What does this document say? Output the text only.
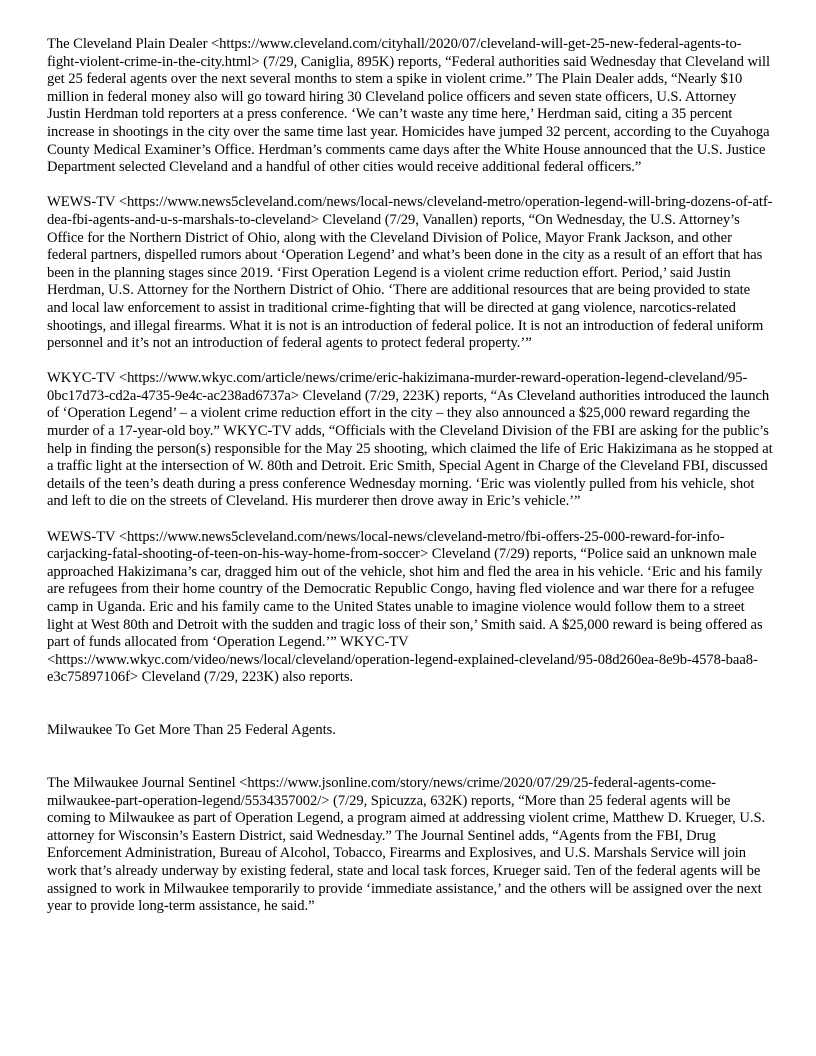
The Cleveland Plain Dealer <https://www.cleveland.com/cityhall/2020/07/cleveland-will-get-25-new-federal-agents-to-fight-violent-crime-in-the-city.html> (7/29, Caniglia, 895K) reports, “Federal authorities said Wednesday that Cleveland will get 25 federal agents over the next several months to stem a spike in violent crime.” The Plain Dealer adds, “Nearly $10 million in federal money also will go toward hiring 30 Cleveland police officers and seven state officers, U.S. Attorney Justin Herdman told reporters at a press conference. ‘We can’t waste any time here,’ Herdman said, citing a 35 percent increase in shootings in the city over the same time last year. Homicides have jumped 32 percent, according to the Cuyahoga County Medical Examiner’s Office. Herdman’s comments came days after the White House announced that the U.S. Justice Department selected Cleveland and a handful of other cities would receive additional federal officers.”

WEWS-TV <https://www.news5cleveland.com/news/local-news/cleveland-metro/operation-legend-will-bring-dozens-of-atf-dea-fbi-agents-and-u-s-marshals-to-cleveland> Cleveland (7/29, Vanallen) reports, “On Wednesday, the U.S. Attorney’s Office for the Northern District of Ohio, along with the Cleveland Division of Police, Mayor Frank Jackson, and other federal partners, dispelled rumors about ‘Operation Legend’ and what’s been done in the city as a result of an effort that has been in the planning stages since 2019. ‘First Operation Legend is a violent crime reduction effort. Period,’ said Justin Herdman, U.S. Attorney for the Northern District of Ohio. ‘There are additional resources that are being provided to state and local law enforcement to assist in traditional crime-fighting that will be directed at gang violence, narcotics-related shootings, and illegal firearms. What it is not is an introduction of federal police. It is not an introduction of federal uniform personnel and it’s not an introduction of federal agents to protect federal property.’”

WKYC-TV <https://www.wkyc.com/article/news/crime/eric-hakizimana-murder-reward-operation-legend-cleveland/95-0bc17d73-cd2a-4735-9e4c-ac238ad6737a> Cleveland (7/29, 223K) reports, “As Cleveland authorities introduced the launch of ‘Operation Legend’ – a violent crime reduction effort in the city – they also announced a $25,000 reward regarding the murder of a 17-year-old boy.” WKYC-TV adds, “Officials with the Cleveland Division of the FBI are asking for the public’s help in finding the person(s) responsible for the May 25 shooting, which claimed the life of Eric Hakizimana as he stopped at a traffic light at the intersection of W. 80th and Detroit. Eric Smith, Special Agent in Charge of the Cleveland FBI, discussed details of the teen’s death during a press conference Wednesday morning. ‘Eric was violently pulled from his vehicle, shot and left to die on the streets of Cleveland. His murderer then drove away in Eric’s vehicle.’”

WEWS-TV <https://www.news5cleveland.com/news/local-news/cleveland-metro/fbi-offers-25-000-reward-for-info-carjacking-fatal-shooting-of-teen-on-his-way-home-from-soccer> Cleveland (7/29) reports, “Police said an unknown male approached Hakizimana’s car, dragged him out of the vehicle, shot him and fled the area in his vehicle. ‘Eric and his family are refugees from their home country of the Democratic Republic Congo, having fled violence and war there for a refugee camp in Uganda. Eric and his family came to the United States unable to imagine violence would follow them to a street light at West 80th and Detroit with the sudden and tragic loss of their son,’ Smith said. A $25,000 reward is being offered as part of funds allocated from ‘Operation Legend.’” WKYC-TV <https://www.wkyc.com/video/news/local/cleveland/operation-legend-explained-cleveland/95-08d260ea-8e9b-4578-baa8-e3c75897106f> Cleveland (7/29, 223K) also reports.

Milwaukee To Get More Than 25 Federal Agents.

The Milwaukee Journal Sentinel <https://www.jsonline.com/story/news/crime/2020/07/29/25-federal-agents-come-milwaukee-part-operation-legend/5534357002/> (7/29, Spicuzza, 632K) reports, “More than 25 federal agents will be coming to Milwaukee as part of Operation Legend, a program aimed at addressing violent crime, Matthew D. Krueger, U.S. attorney for Wisconsin’s Eastern District, said Wednesday.” The Journal Sentinel adds, “Agents from the FBI, Drug Enforcement Administration, Bureau of Alcohol, Tobacco, Firearms and Explosives, and U.S. Marshals Service will join work that’s already underway by existing federal, state and local task forces, Krueger said. Ten of the federal agents will be assigned to work in Milwaukee temporarily to provide ‘immediate assistance,’ and the others will be assigned over the next year to provide long-term assistance, he said.”
